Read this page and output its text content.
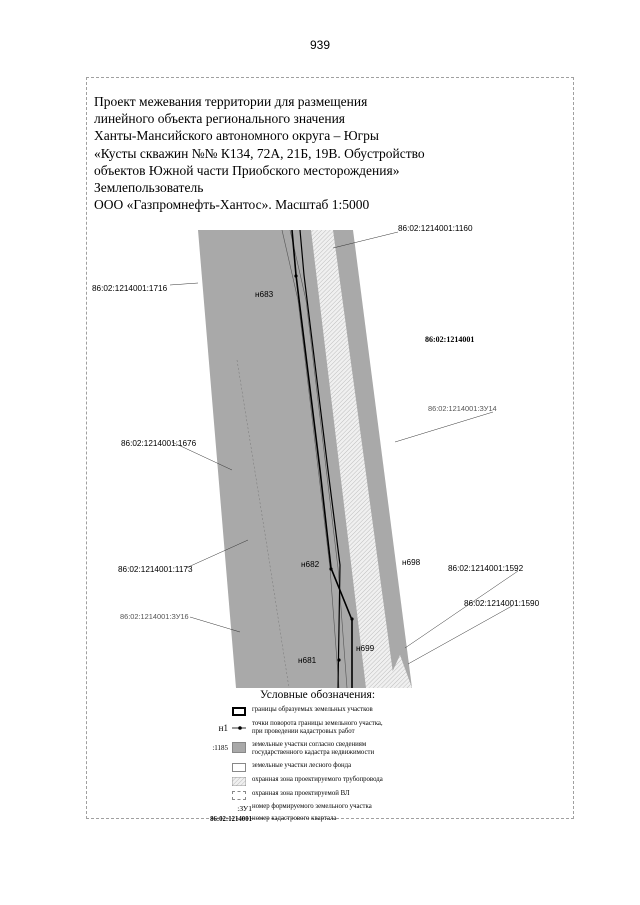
939
Проект межевания территории для размещения
линейного объекта регионального значения
Ханты-Мансийского автономного округа – Югры
«Кусты скважин №№ К134, 72А, 21Б, 19В. Обустройство
объектов Южной части Приобского месторождения»
Землепользователь
ООО «Газпромнефть-Хантос». Масштаб 1:5000
86:02:1214001:1160
86:02:1214001:1716
86:02:1214001
86:02:1214001:ЗУ14
86:02:1214001:1676
86:02:1214001:1173	86:02:1214001:1592
86:02:1214001:1590
86:02:1214001:ЗУ16
н683
н682	н698
н699
н681
Условные обозначения:
границы образуемых земельных участков
н1	точки поворота границы земельного участка,
при проведении кадастровых работ
:1185	земельные участки согласно сведениям
государственного кадастра недвижимости
земельные участки лесного фонда
охранная зона проектируемого трубопровода
охранная зона проектируемой ВЛ
:ЗУ1 номер формируемого земельного участка
86:02:1214001 номер кадастрового квартала
